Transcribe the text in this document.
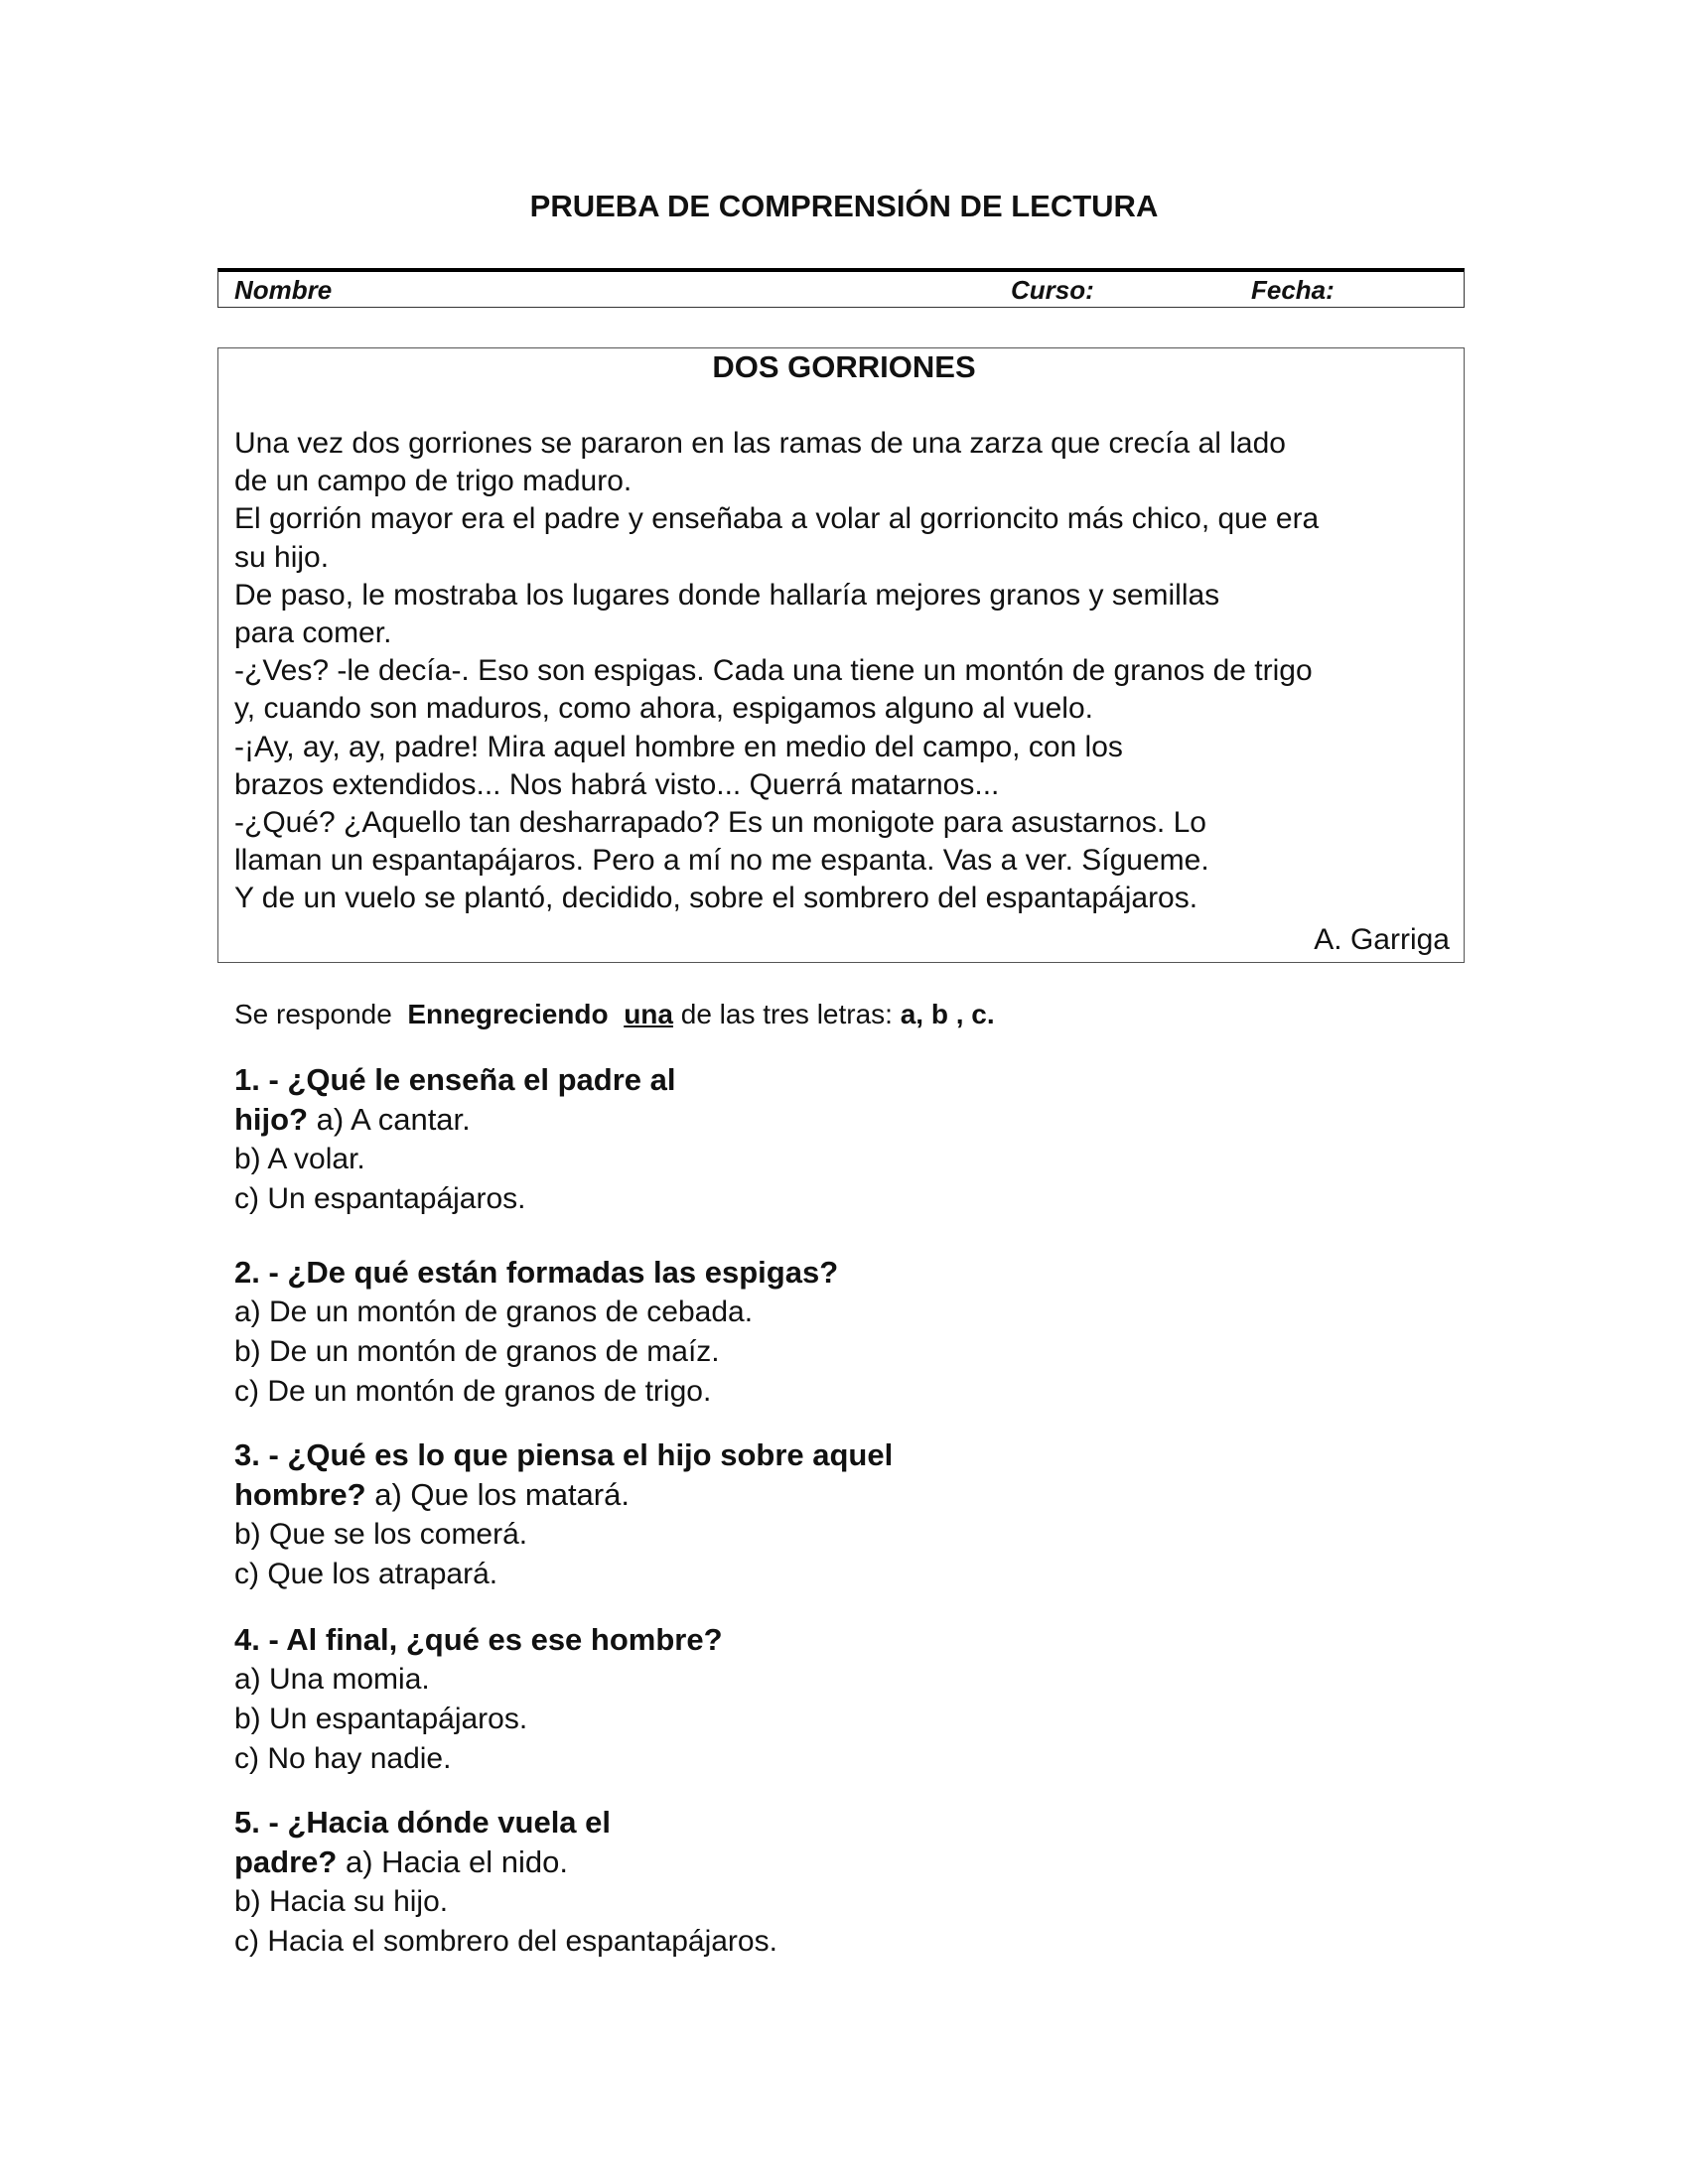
PRUEBA DE COMPRENSIÓN DE LECTURA
Nombre	Curso:	Fecha:
DOS GORRIONES
Una vez dos gorriones se pararon en las ramas de una zarza que crecía al lado
de un campo de trigo maduro.
El gorrión mayor era el padre y enseñaba a volar al gorrioncito más chico, que era
su hijo.
De paso, le mostraba los lugares donde hallaría mejores granos y semillas
para comer.
-¿Ves? -le decía-. Eso son espigas. Cada una tiene un montón de granos de trigo
y, cuando son maduros, como ahora, espigamos alguno al vuelo.
-¡Ay, ay, ay, padre! Mira aquel hombre en medio del campo, con los
brazos extendidos... Nos habrá visto... Querrá matarnos...
-¿Qué? ¿Aquello tan desharrapado? Es un monigote para asustarnos. Lo
llaman un espantapájaros. Pero a mí no me espanta. Vas a ver. Sígueme.
Y de un vuelo se plantó, decidido, sobre el sombrero del espantapájaros.
A. Garriga
Se responde Ennegreciendo una de las tres letras: a, b , c.
1. - ¿Qué le enseña el padre al
hijo? a) A cantar.
b) A volar.
c) Un espantapájaros.
2. - ¿De qué están formadas las espigas?
a) De un montón de granos de cebada.
b) De un montón de granos de maíz.
c) De un montón de granos de trigo.
3. - ¿Qué es lo que piensa el hijo sobre aquel
hombre? a) Que los matará.
b) Que se los comerá.
c) Que los atrapará.
4. - Al final, ¿qué es ese hombre?
a) Una momia.
b) Un espantapájaros.
c) No hay nadie.
5. - ¿Hacia dónde vuela el
padre? a) Hacia el nido.
b) Hacia su hijo.
c) Hacia el sombrero del espantapájaros.
